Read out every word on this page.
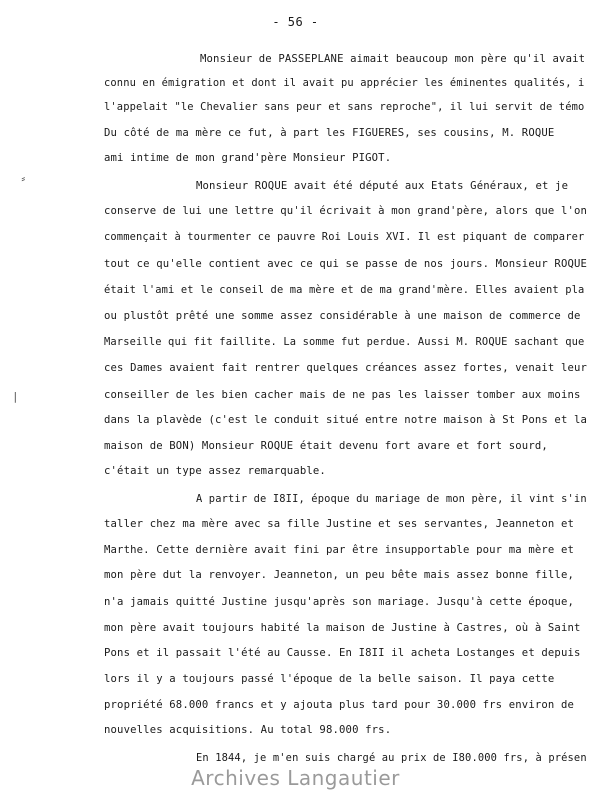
- 56 -
⸗
|
Monsieur de PASSEPLANE aimait beaucoup mon père qu'il avait
connu en émigration et dont il avait pu apprécier les éminentes qualités, i
l'appelait "le Chevalier sans peur et sans reproche", il lui servit de témo
Du côté de ma mère ce fut, à part les FIGUERES, ses cousins, M. ROQUE
ami intime de mon grand'père Monsieur PIGOT.
Monsieur ROQUE avait été député aux Etats Généraux, et je
conserve de lui une lettre qu'il écrivait à mon grand'père, alors que l'on
commençait à tourmenter ce pauvre Roi Louis XVI. Il est piquant de comparer
tout ce qu'elle contient avec ce qui se passe de nos jours. Monsieur ROQUE
était l'ami et le conseil de ma mère et de ma grand'mère. Elles avaient pla
ou plustôt prêté une somme assez considérable à une maison de commerce de
Marseille qui fit faillite. La somme fut perdue. Aussi M. ROQUE sachant que
ces Dames avaient fait rentrer quelques créances assez fortes, venait leur
conseiller de les bien cacher mais de ne pas les laisser tomber aux moins
dans la plavède (c'est le conduit situé entre notre maison à St Pons et la
maison de BON) Monsieur ROQUE était devenu fort avare et fort sourd,
c'était un type assez remarquable.
A partir de I8II, époque du mariage de mon père, il vint s'in
taller chez ma mère avec sa fille Justine et ses servantes, Jeanneton et
Marthe. Cette dernière avait fini par être insupportable pour ma mère et
mon père dut la renvoyer. Jeanneton, un peu bête mais assez bonne fille,
n'a jamais quitté Justine jusqu'après son mariage. Jusqu'à cette époque,
mon père avait toujours habité la maison de Justine à Castres, où à Saint
Pons et il passait l'été au Causse. En I8II il acheta Lostanges et depuis
lors il y a toujours passé l'époque de la belle saison. Il paya cette
propriété 68.000 francs et y ajouta plus tard pour 30.000 frs environ de
nouvelles acquisitions. Au total 98.000 frs.
En 1844, je m'en suis chargé au prix de I80.000 frs, à présen
Archives Langautier
